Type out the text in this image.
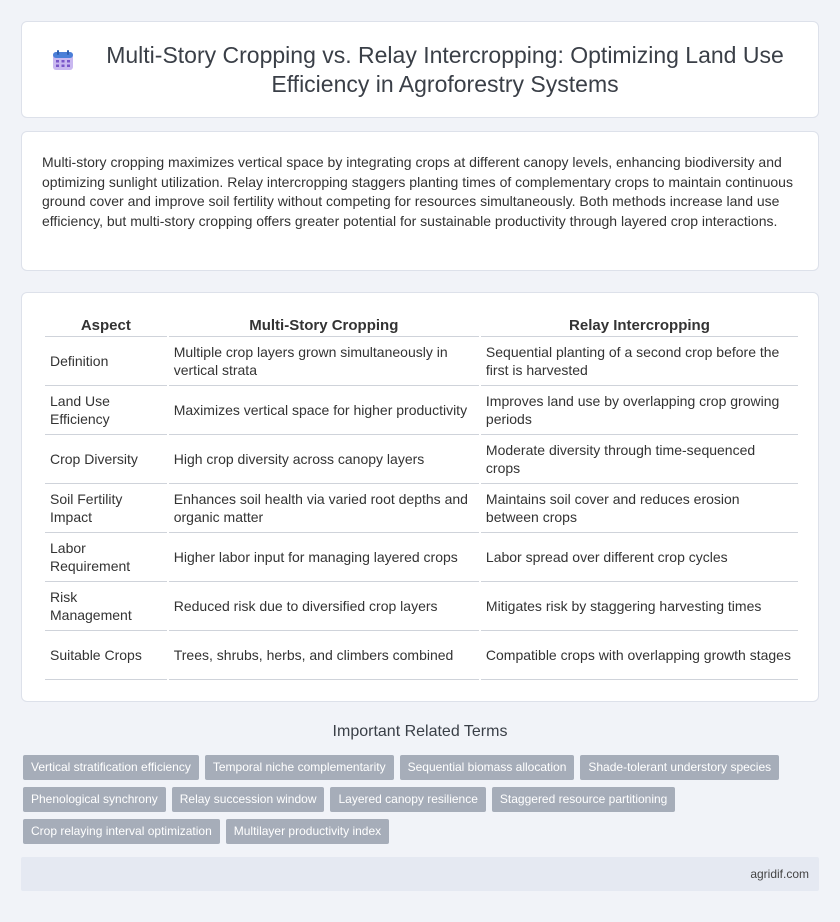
Multi-Story Cropping vs. Relay Intercropping: Optimizing Land Use Efficiency in Agroforestry Systems

Multi-story cropping maximizes vertical space by integrating crops at different canopy levels, enhancing biodiversity and optimizing sunlight utilization. Relay intercropping staggers planting times of complementary crops to maintain continuous ground cover and improve soil fertility without competing for resources simultaneously. Both methods increase land use efficiency, but multi-story cropping offers greater potential for sustainable productivity through layered crop interactions.

Aspect	Multi-Story Cropping	Relay Intercropping
Definition	Multiple crop layers grown simultaneously in vertical strata	Sequential planting of a second crop before the first is harvested
Land Use Efficiency	Maximizes vertical space for higher productivity	Improves land use by overlapping crop growing periods
Crop Diversity	High crop diversity across canopy layers	Moderate diversity through time-sequenced crops
Soil Fertility Impact	Enhances soil health via varied root depths and organic matter	Maintains soil cover and reduces erosion between crops
Labor Requirement	Higher labor input for managing layered crops	Labor spread over different crop cycles
Risk Management	Reduced risk due to diversified crop layers	Mitigates risk by staggering harvesting times
Suitable Crops	Trees, shrubs, herbs, and climbers combined	Compatible crops with overlapping growth stages
Important Related Terms
Vertical stratification efficiency	Temporal niche complementarity	Sequential biomass allocation	Shade-tolerant understory species
Phenological synchrony	Relay succession window	Layered canopy resilience	Staggered resource partitioning
Crop relaying interval optimization	Multilayer productivity index
agridif.com
